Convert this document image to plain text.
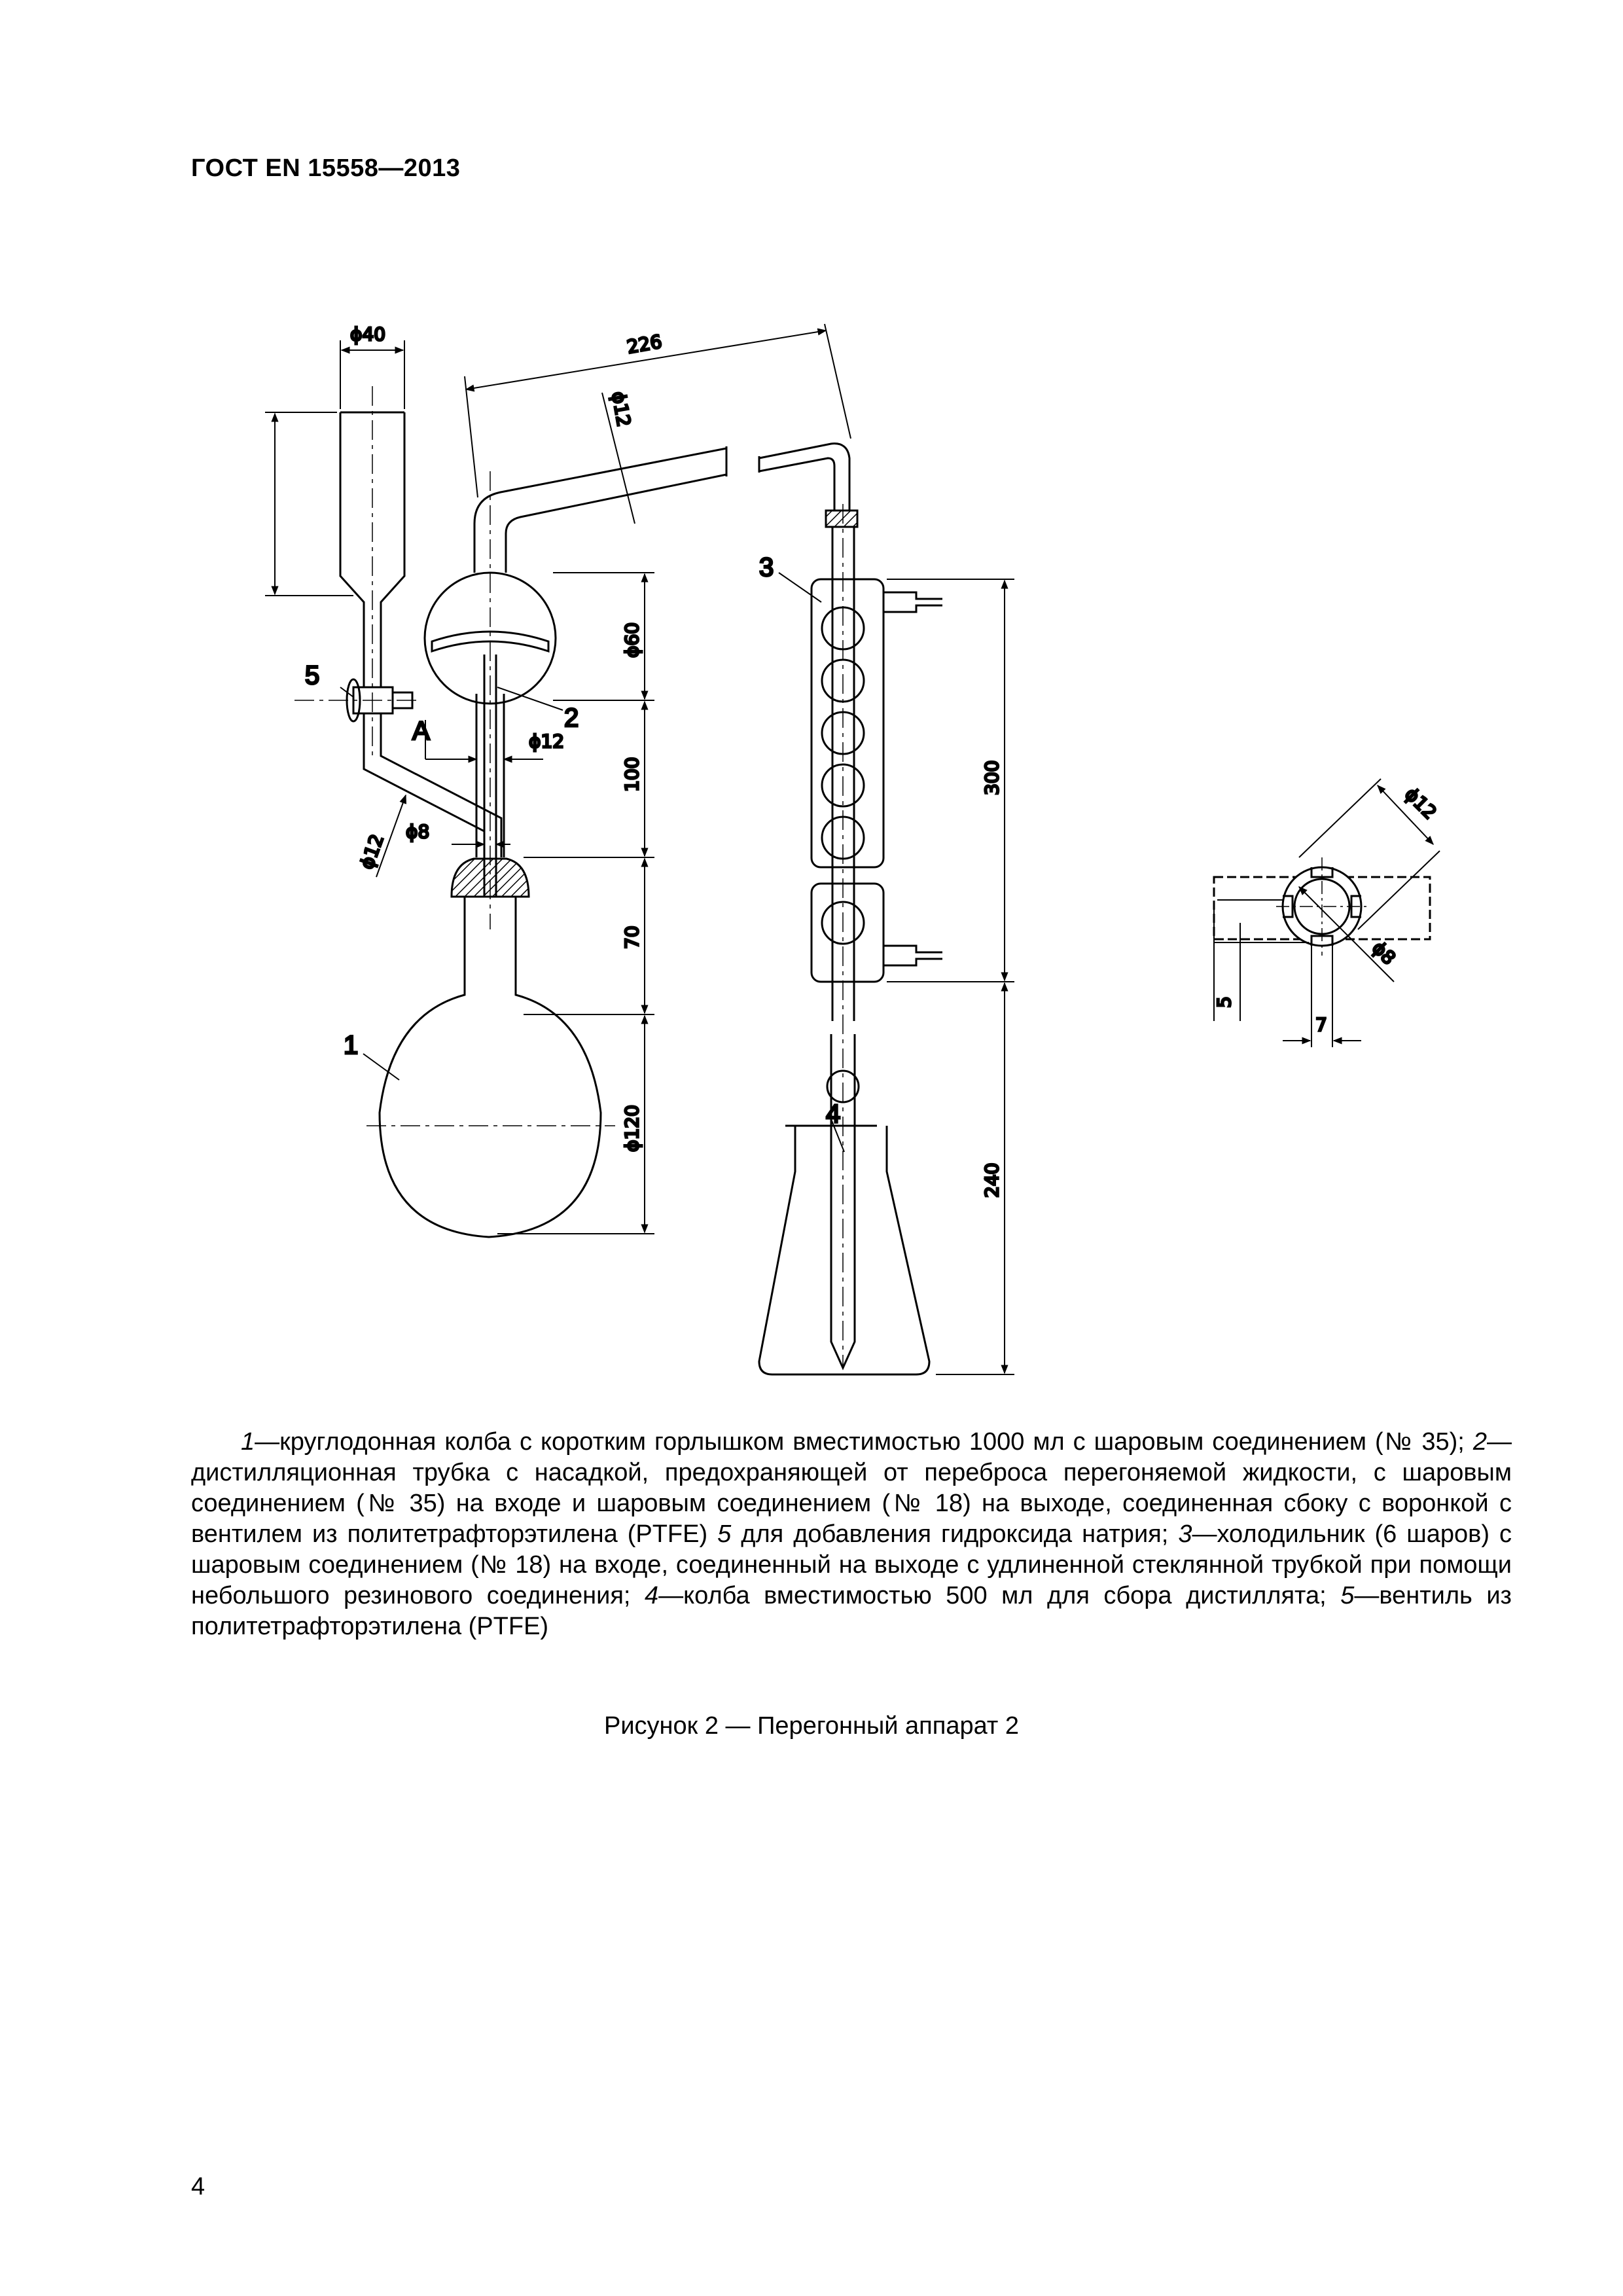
ГОСТ EN 15558—2013
ϕ40	226
ϕ12
ϕ60
100
70
ϕ120
300
240
ϕ12
ϕ12 ϕ8
ϕ12
ϕ8
5
7
1
2
3
4
5
A
  1—круглодонная колба с коротким горлышком вместимостью 1000 мл с шаровым соединением (№ 35); 2—дистилляционная трубка с насадкой, предохраняющей от переброса перегоняемой жидкости, с шаровым соединением (№ 35) на входе и шаровым соединением (№ 18) на выходе, соединенная сбоку с воронкой с вентилем из политетрафторэтилена (PTFE) 5 для добавления гидроксида натрия; 3—холодильник (6 шаров) с шаровым соединением (№ 18) на входе, соединенный на выходе с удлиненной стеклянной трубкой при помощи небольшого резинового соединения; 4—колба вместимостью 500 мл для сбора дистиллята; 5—вентиль из политетрафторэтилена (PTFE)
Рисунок 2 — Перегонный аппарат 2
4
